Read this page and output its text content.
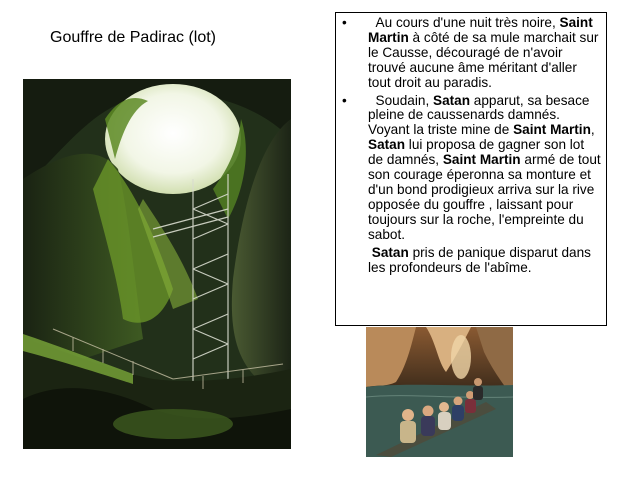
Gouffre de Padirac (lot)
• Au cours d'une nuit très noire, Saint Martin à côté de sa mule marchait sur le Causse, découragé de n'avoir trouvé aucune âme méritant d'aller tout droit au paradis.
• Soudain, Satan apparut, sa besace pleine de caussenards damnés. Voyant la triste mine de Saint Martin, Satan lui proposa de gagner son lot de damnés, Saint Martin armé de tout son courage éperonna sa monture et d'un bond prodigieux arriva sur la rive opposée du gouffre , laissant pour toujours sur la roche, l'empreinte du sabot.
Satan pris de panique disparut dans les profondeurs de l'abîme.
